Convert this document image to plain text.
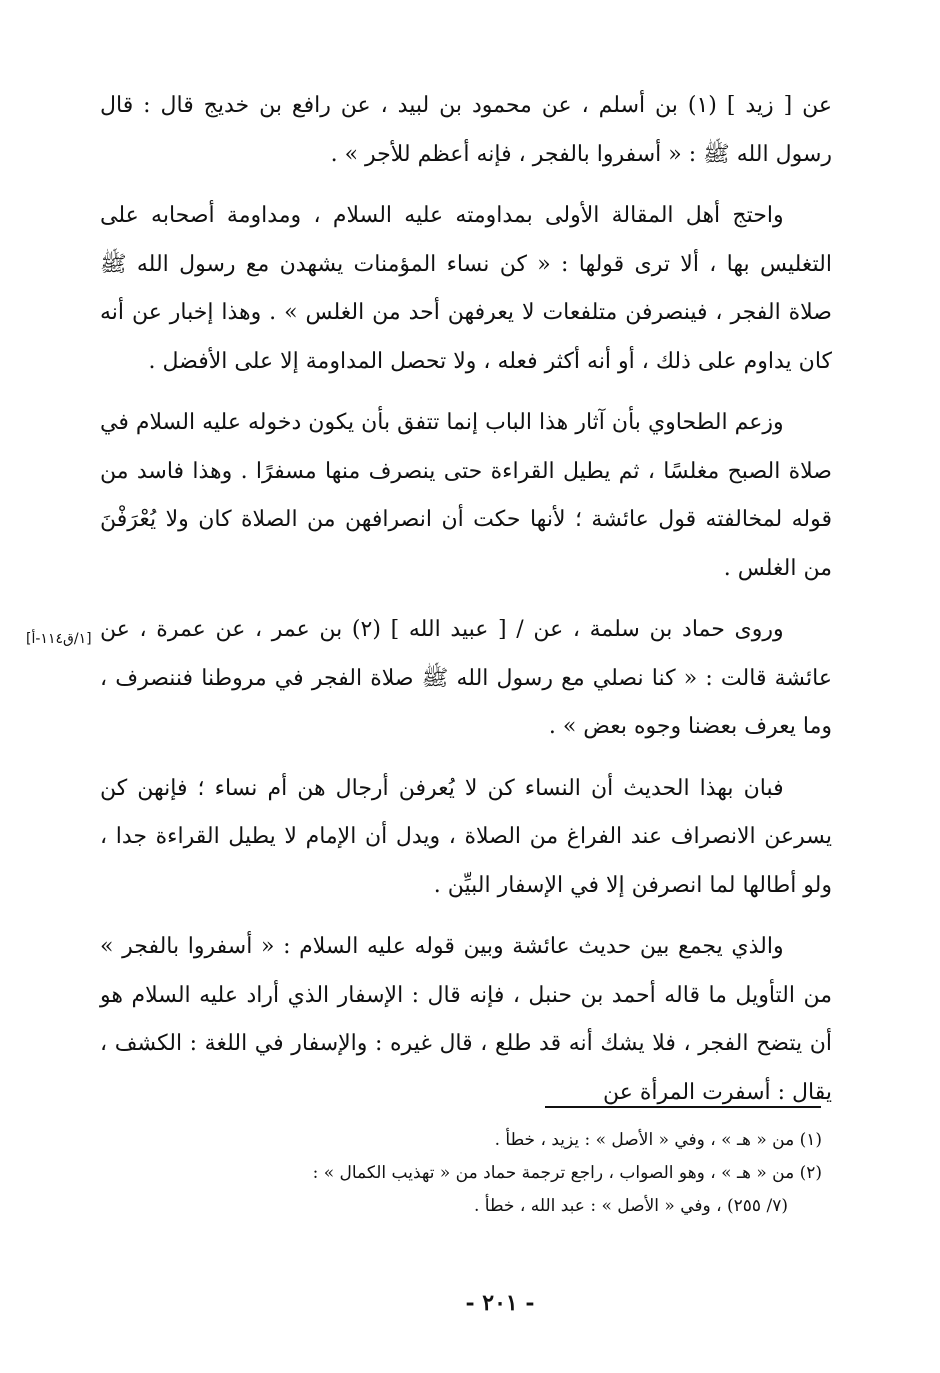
عن [ زيد ] (١) بن أسلم ، عن محمود بن لبيد ، عن رافع بن خديج قال : قال رسول الله ﷺ : « أسفروا بالفجر ، فإنه أعظم للأجر » .

واحتج أهل المقالة الأولى بمداومته عليه السلام ، ومداومة أصحابه على التغليس بها ، ألا ترى قولها : « كن نساء المؤمنات يشهدن مع رسول الله ﷺ صلاة الفجر ، فينصرفن متلفعات لا يعرفهن أحد من الغلس » . وهذا إخبار عن أنه كان يداوم على ذلك ، أو أنه أكثر فعله ، ولا تحصل المداومة إلا على الأفضل .

وزعم الطحاوي بأن آثار هذا الباب إنما تتفق بأن يكون دخوله عليه السلام في صلاة الصبح مغلسًا ، ثم يطيل القراءة حتى ينصرف منها مسفرًا . وهذا فاسد من قوله لمخالفته قول عائشة ؛ لأنها حكت أن انصرافهن من الصلاة كان ولا يُعْرَفْنَ من الغلس .

وروى حماد بن سلمة ، عن / [ عبيد الله ] (٢) بن عمر ، عن عمرة ، عن عائشة قالت : « كنا نصلي مع رسول الله ﷺ صلاة الفجر في مروطنا فننصرف ، وما يعرف بعضنا وجوه بعض » .

فبان بهذا الحديث أن النساء كن لا يُعرفن أرجال هن أم نساء ؛ فإنهن كن يسرعن الانصراف عند الفراغ من الصلاة ، ويدل أن الإمام لا يطيل القراءة جدا ، ولو أطالها لما انصرفن إلا في الإسفار البيِّن .

والذي يجمع بين حديث عائشة وبين قوله عليه السلام : « أسفروا بالفجر » من التأويل ما قاله أحمد بن حنبل ، فإنه قال : الإسفار الذي أراد عليه السلام هو أن يتضح الفجر ، فلا يشك أنه قد طلع ، قال غيره : والإسفار في اللغة : الكشف ، يقال : أسفرت المرأة عن

[١/ق١١٤-أ]

(١) من « هـ » ، وفي « الأصل » : يزيد ، خطأ .

(٢) من « هـ » ، وهو الصواب ، راجع ترجمة حماد من « تهذيب الكمال » :

(٧/ ٢٥٥) ، وفي « الأصل » : عبد الله ، خطأ .

- ٢٠١ -
